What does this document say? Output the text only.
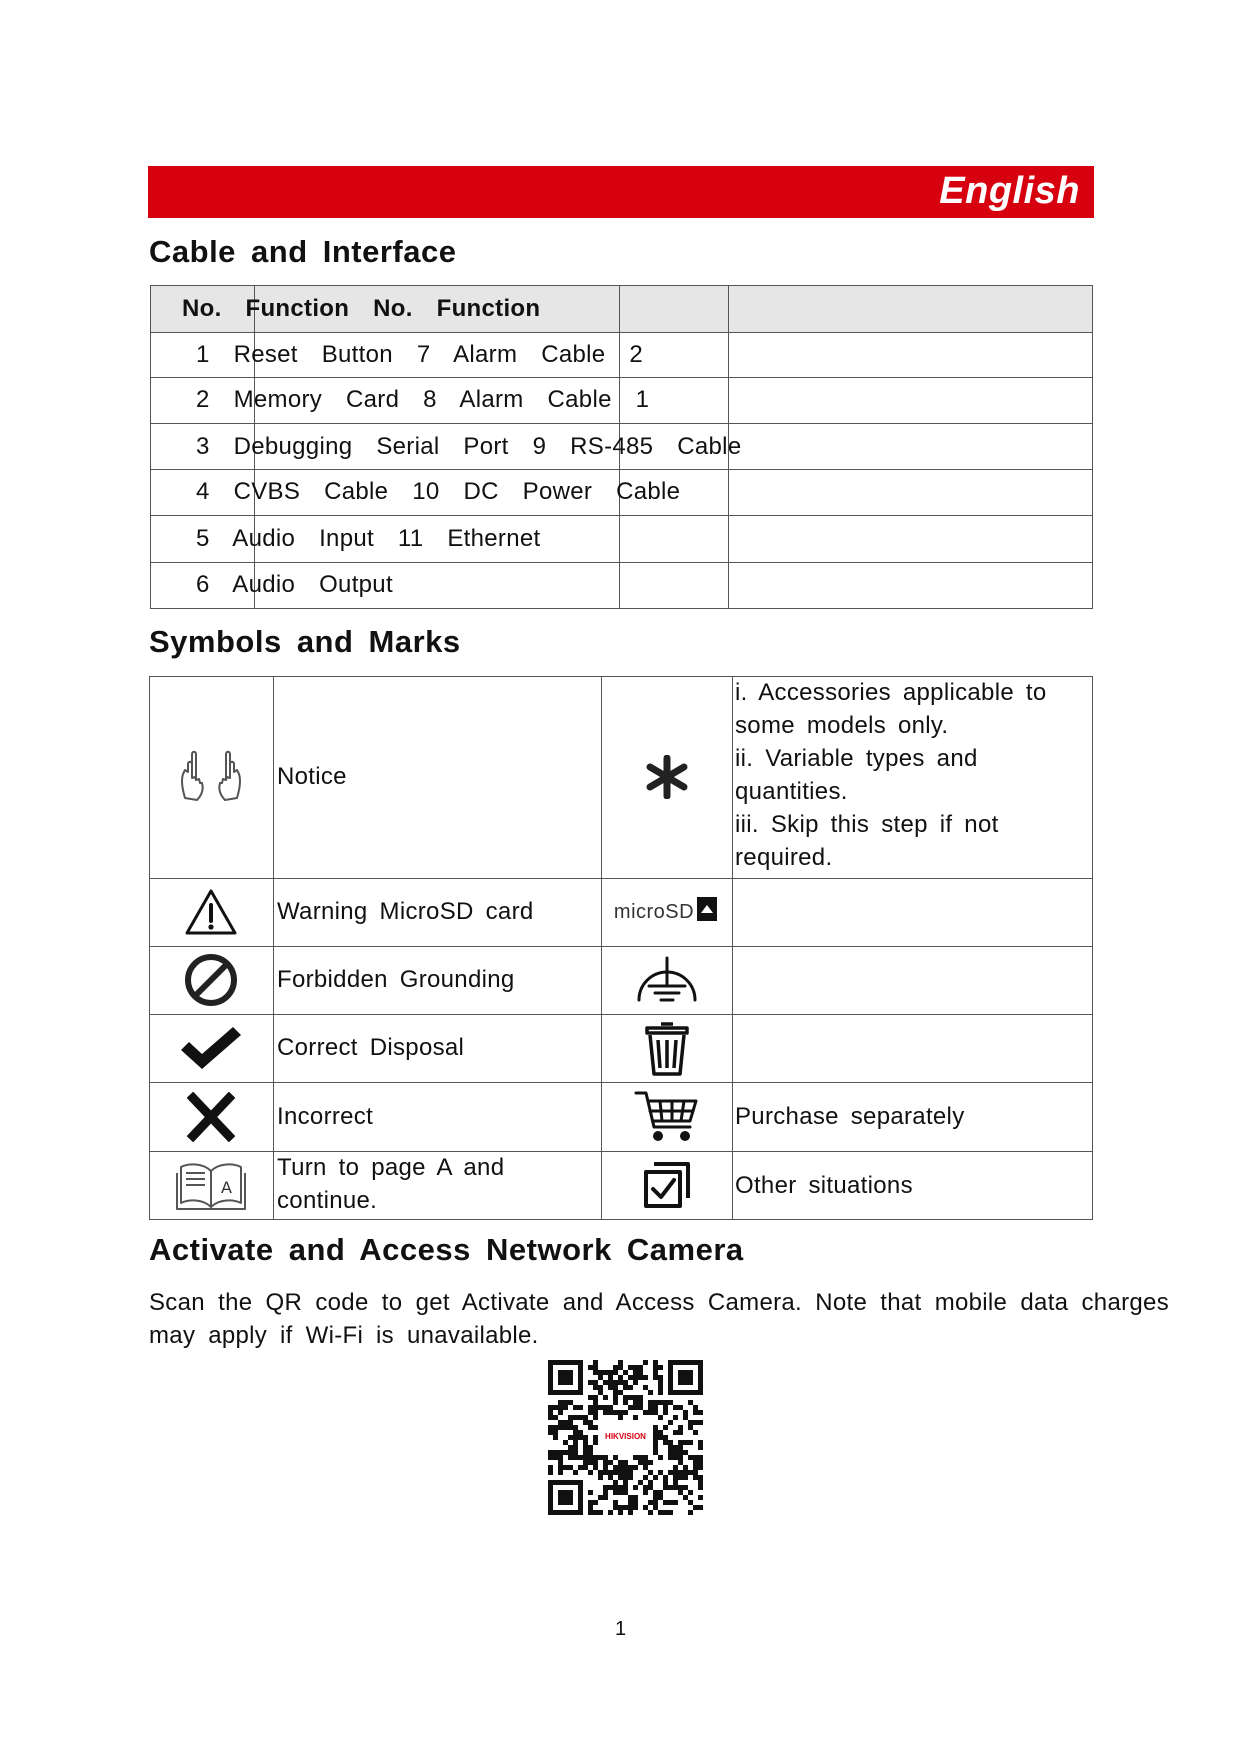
English
Cable and Interface
No.  Function  No.  Function
1  Reset  Button  7  Alarm  Cable  2
2  Memory  Card  8  Alarm  Cable  1
3  Debugging  Serial  Port  9  RS-485  Cable
4  CVBS  Cable  10  DC  Power  Cable
5  Audio  Input  11  Ethernet
6  Audio  Output
Symbols and Marks
Notice
i. Accessories applicable to
some models only.
ii. Variable types and
quantities.
iii. Skip this step if not
required.
Warning MicroSD card	microSD
Forbidden Grounding
Correct Disposal
Incorrect	Purchase separately
A
Turn to page A and
continue.
Other situations
Activate and Access Network Camera
Scan the QR code to get Activate and Access Camera. Note that mobile data charges may apply if Wi-Fi is unavailable.
HIKVISION
1
